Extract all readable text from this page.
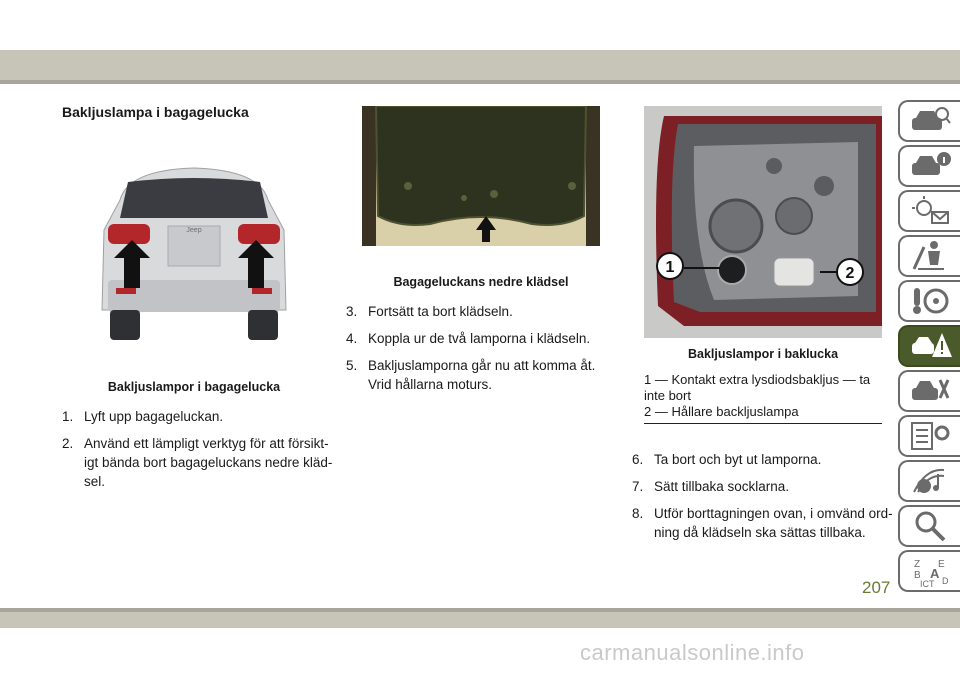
Bakljuslampa i bagagelucka
Jeep
Bakljuslampor i bagagelucka
1. Lyft upp bagageluckan.
2. Använd ett lämpligt verktyg för att försikt-igt bända bort bagageluckans nedre kläd-sel.
Bagageluckans nedre klädsel
3. Fortsätt ta bort klädseln.
4. Koppla ur de två lamporna i klädseln.
5. Bakljuslamporna går nu att komma åt. Vrid hållarna moturs.
1	2
Bakljuslampor i baklucka
1 — Kontakt extra lysdiodsbakljus — ta inte bort
2 — Hållare backljuslampa
6. Ta bort och byt ut lamporna.
7. Sätt tillbaka socklarna.
8. Utför borttagningen ovan, i omvänd ord-ning då klädseln ska sättas tillbaka.
Z E
A
B
ICT D
207
carmanualsonline.info
